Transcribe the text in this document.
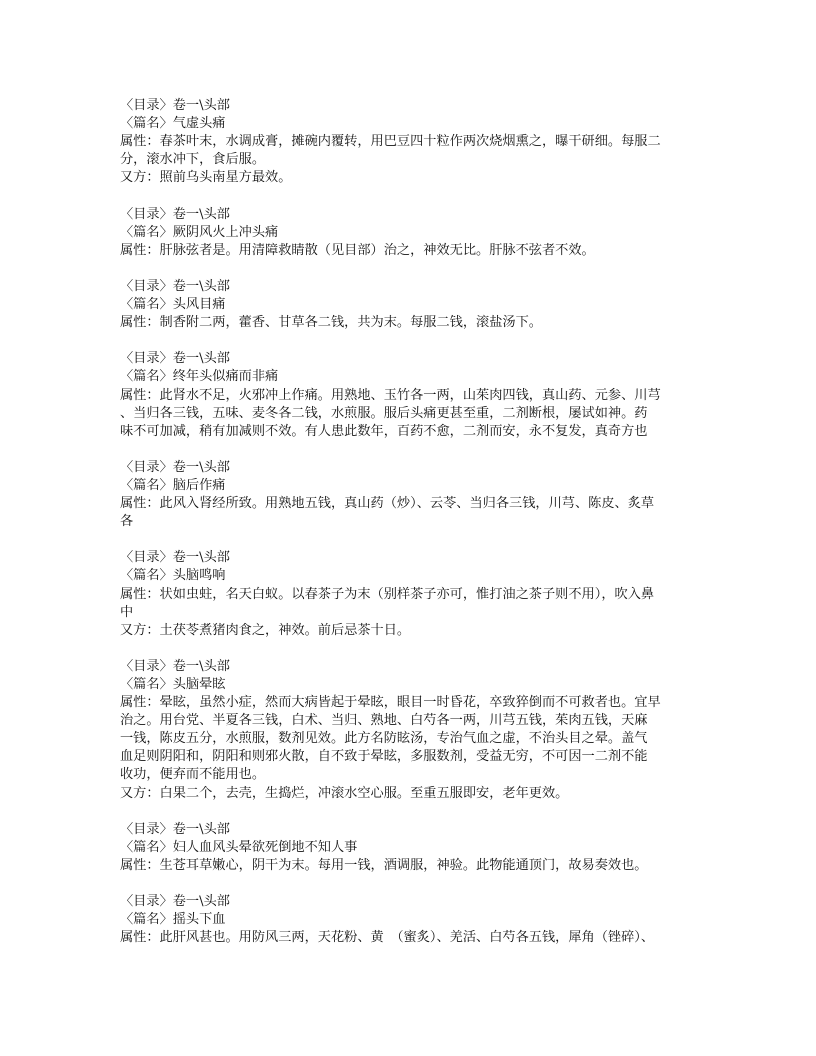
〈目录〉卷一\头部
〈篇名〉气虚头痛
属性：春茶叶末，水调成膏，摊碗内覆转，用巴豆四十粒作两次烧烟熏之，曝干研细。每服二
分，滚水冲下，食后服。
又方：照前乌头南星方最效。
〈目录〉卷一\头部
〈篇名〉厥阴风火上冲头痛
属性：肝脉弦者是。用清障救睛散（见目部）治之，神效无比。肝脉不弦者不效。
〈目录〉卷一\头部
〈篇名〉头风目痛
属性：制香附二两，藿香、甘草各二钱，共为末。每服二钱，滚盐汤下。
〈目录〉卷一\头部
〈篇名〉终年头似痛而非痛
属性：此肾水不足，火邪冲上作痛。用熟地、玉竹各一两，山茱肉四钱，真山药、元参、川芎
、当归各三钱，五味、麦冬各二钱，水煎服。服后头痛更甚至重，二剂断根，屡试如神。药
味不可加减，稍有加减则不效。有人患此数年，百药不愈，二剂而安，永不复发，真奇方也
〈目录〉卷一\头部
〈篇名〉脑后作痛
属性：此风入肾经所致。用熟地五钱，真山药（炒）、云苓、当归各三钱，川芎、陈皮、炙草
各
〈目录〉卷一\头部
〈篇名〉头脑鸣响
属性：状如虫蛀，名天白蚁。以春茶子为末（别样茶子亦可，惟打油之茶子则不用），吹入鼻
中
又方：土茯苓煮猪肉食之，神效。前后忌茶十日。
〈目录〉卷一\头部
〈篇名〉头脑晕眩
属性：晕眩，虽然小症，然而大病皆起于晕眩，眼目一时昏花，卒致猝倒而不可救者也。宜早
治之。用台党、半夏各三钱，白术、当归、熟地、白芍各一两，川芎五钱，茱肉五钱，天麻
一钱，陈皮五分，水煎服，数剂见效。此方名防眩汤，专治气血之虚，不治头目之晕。盖气
血足则阴阳和，阴阳和则邪火散，自不致于晕眩，多服数剂，受益无穷，不可因一二剂不能
收功，便弃而不能用也。
又方：白果二个，去壳，生捣烂，冲滚水空心服。至重五服即安，老年更效。
〈目录〉卷一\头部
〈篇名〉妇人血风头晕欲死倒地不知人事
属性：生苍耳草嫩心，阴干为末。每用一钱，酒调服，神验。此物能通顶门，故易奏效也。
〈目录〉卷一\头部
〈篇名〉摇头下血
属性：此肝风甚也。用防风三两，天花粉、黄　（蜜炙）、羌活、白芍各五钱，犀角（锉碎）、
